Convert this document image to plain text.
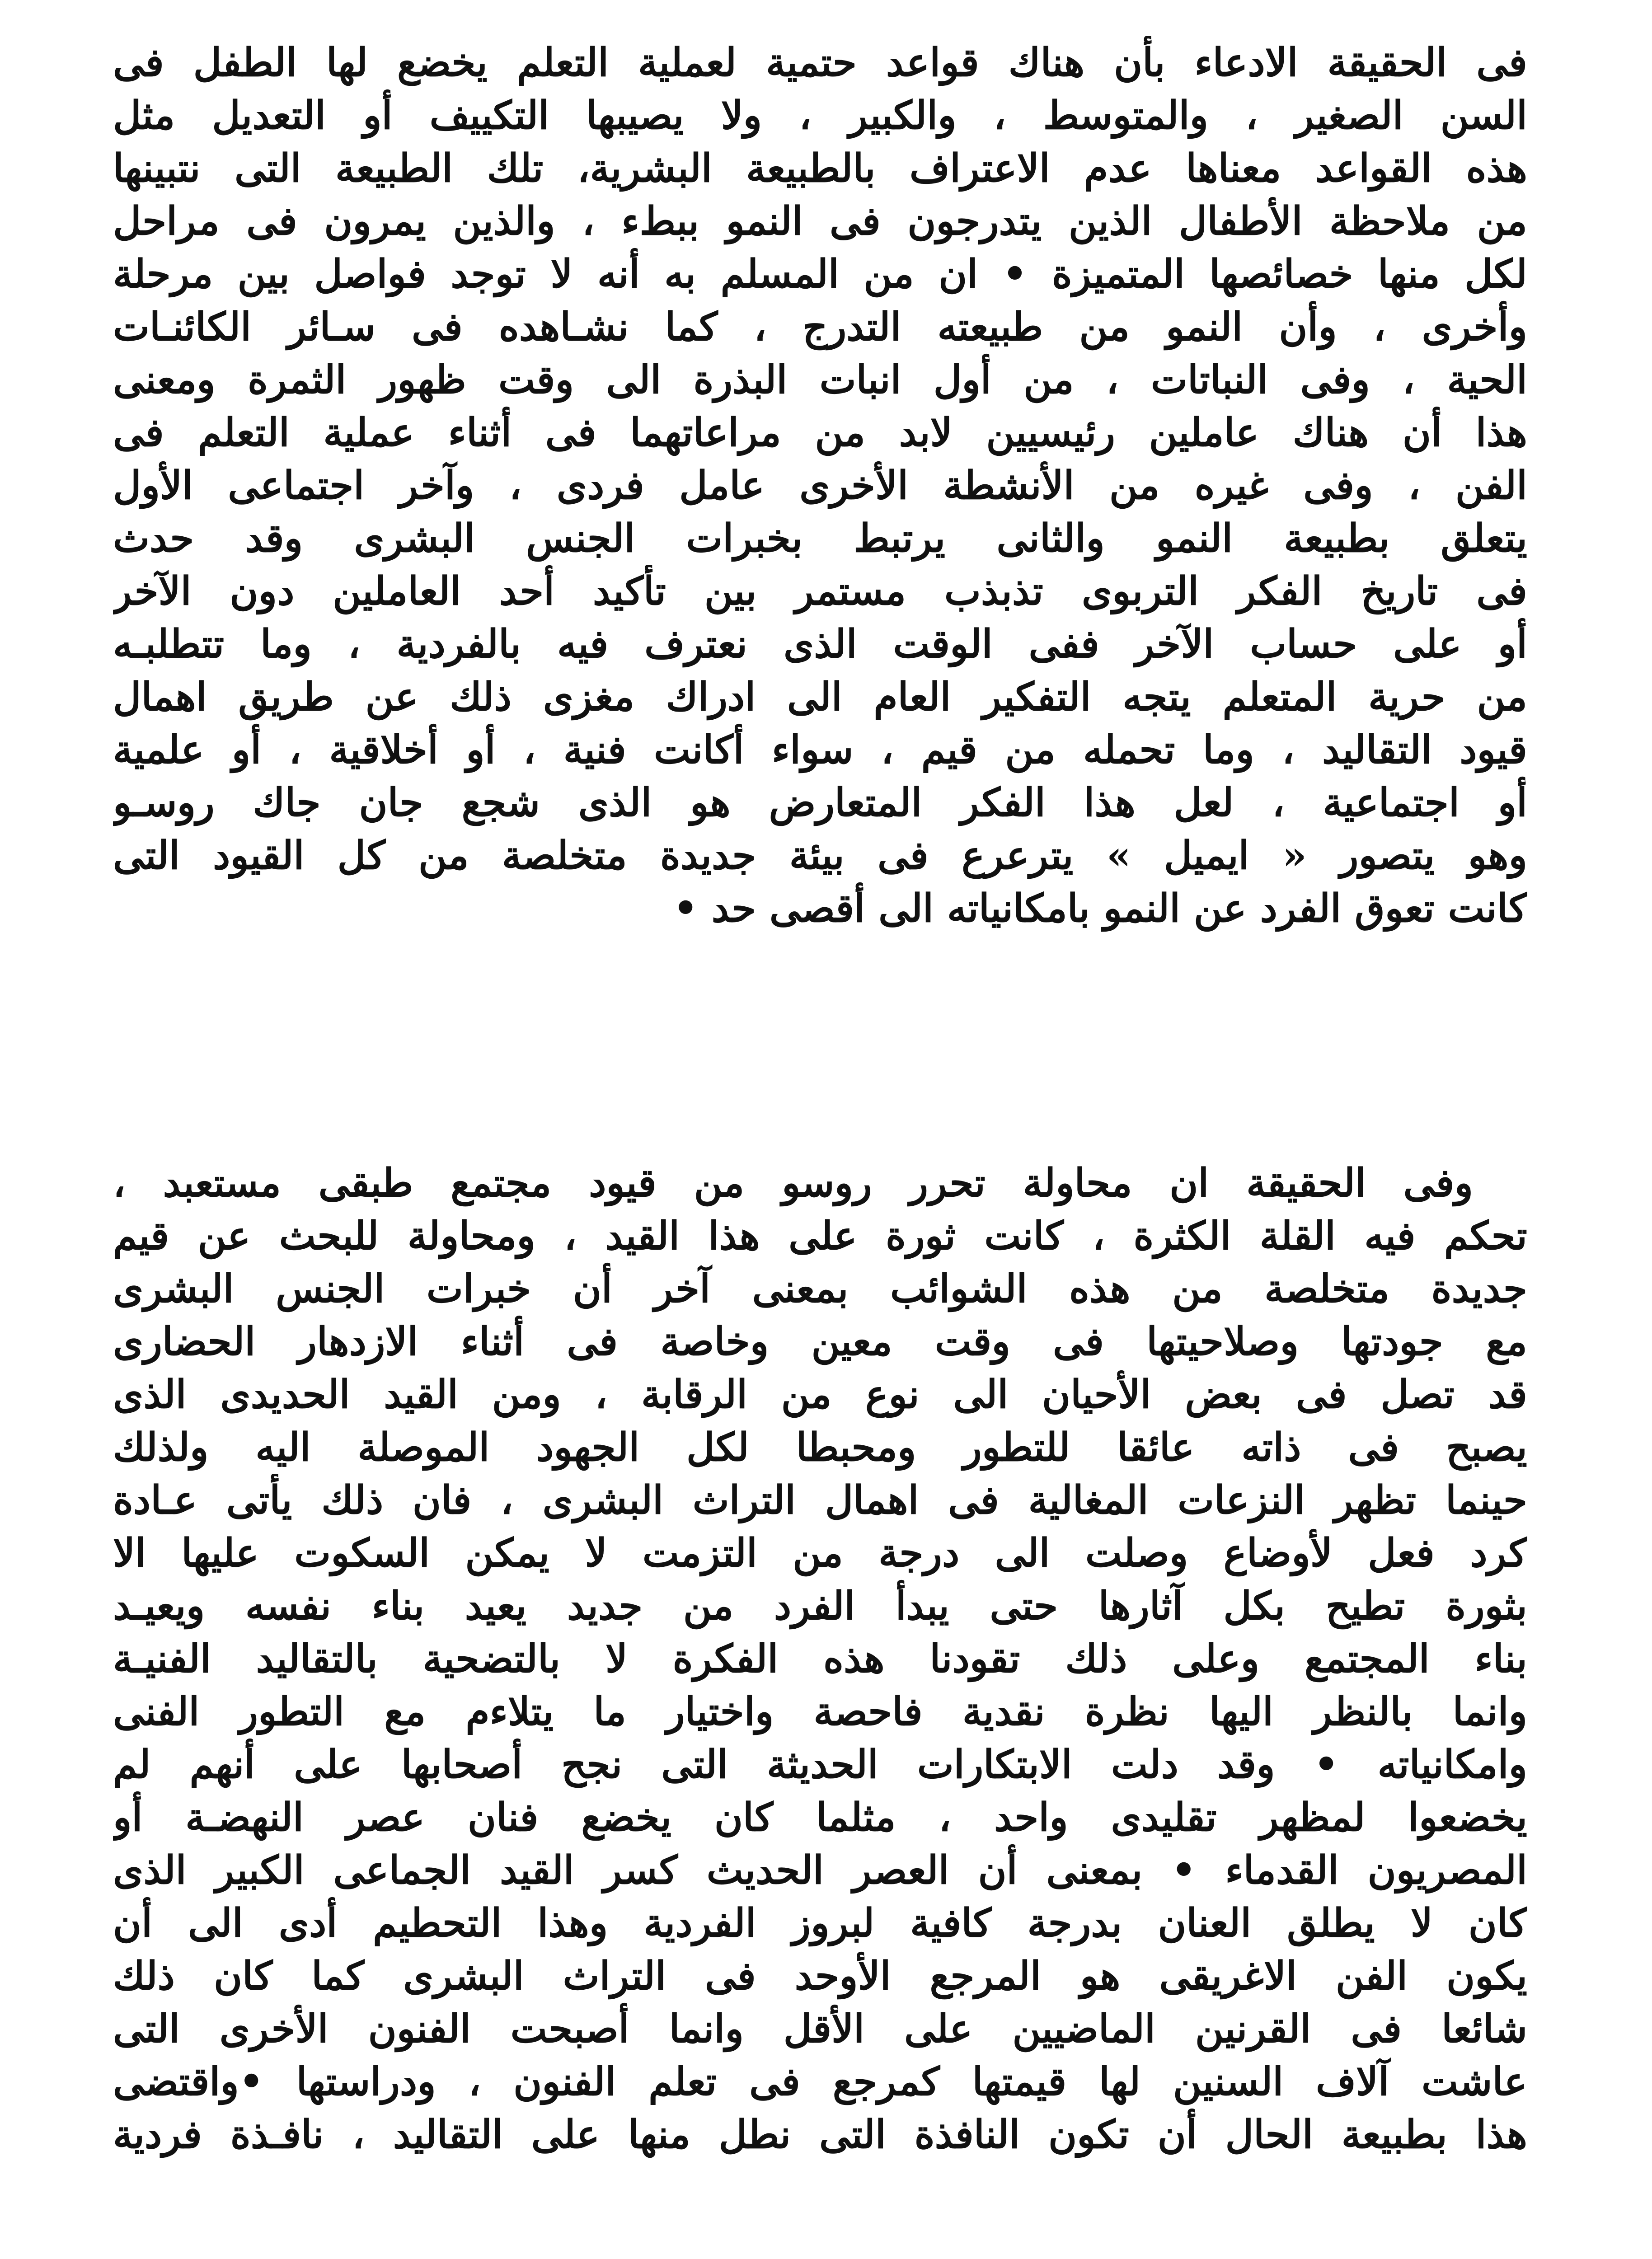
فى الحقيقة الادعاء بأن هناك قواعد حتمية لعملية التعلم يخضع لها الطفل فى
السن الصغير ، والمتوسط ، والكبير ، ولا يصيبها التكييف أو التعديل مثل
هذه القواعد معناها عدم الاعتراف بالطبيعة البشرية، تلك الطبيعة التى نتبينها
من ملاحظة الأطفال الذين يتدرجون فى النمو ببطء ، والذين يمرون فى مراحل
لكل منها خصائصها المتميزة • ان من المسلم به أنه لا توجد فواصل بين مرحلة
وأخرى ، وأن النمو من طبيعته التدرج ، كما نشـاهده فى سـائر الكائنـات
الحية ، وفى النباتات ، من أول انبات البذرة الى وقت ظهور الثمرة ومعنى
هذا أن هناك عاملين رئيسيين لابد من مراعاتهما فى أثناء عملية التعلم فى
الفن ، وفى غيره من الأنشطة الأخرى عامل فردى ، وآخر اجتماعى الأول
يتعلق بطبيعة النمو والثانى يرتبط بخبرات الجنس البشرى وقد حدث
فى تاريخ الفكر التربوى تذبذب مستمر بين تأكيد أحد العاملين دون الآخر
أو على حساب الآخر ففى الوقت الذى نعترف فيه بالفردية ، وما تتطلبـه
من حرية المتعلم يتجه التفكير العام الى ادراك مغزى ذلك عن طريق اهمال
قيود التقاليد ، وما تحمله من قيم ، سواء أكانت فنية ، أو أخلاقية ، أو علمية
أو اجتماعية ، لعل هذا الفكر المتعارض هو الذى شجع جان جاك روسـو
وهو يتصور « ايميل » يترعرع فى بيئة جديدة متخلصة من كل القيود التى
كانت تعوق الفرد عن النمو بامكانياته الى أقصى حد •
وفى الحقيقة ان محاولة تحرر روسو من قيود مجتمع طبقى مستعبد ،
تحكم فيه القلة الكثرة ، كانت ثورة على هذا القيد ، ومحاولة للبحث عن قيم
جديدة متخلصة من هذه الشوائب بمعنى آخر أن خبرات الجنس البشرى
مع جودتها وصلاحيتها فى وقت معين وخاصة فى أثناء الازدهار الحضارى
قد تصل فى بعض الأحيان الى نوع من الرقابة ، ومن القيد الحديدى الذى
يصبح فى ذاته عائقا للتطور ومحبطا لكل الجهود الموصلة اليه ولذلك
حينما تظهر النزعات المغالية فى اهمال التراث البشرى ، فان ذلك يأتى عـادة
كرد فعل لأوضاع وصلت الى درجة من التزمت لا يمكن السكوت عليها الا
بثورة تطيح بكل آثارها حتى يبدأ الفرد من جديد يعيد بناء نفسه ويعيـد
بناء المجتمع وعلى ذلك تقودنا هذه الفكرة لا بالتضحية بالتقاليد الفنيـة
وانما بالنظر اليها نظرة نقدية فاحصة واختيار ما يتلاءم مع التطور الفنى
وامكانياته • وقد دلت الابتكارات الحديثة التى نجح أصحابها على أنهم لم
يخضعوا لمظهر تقليدى واحد ، مثلما كان يخضع فنان عصر النهضـة أو
المصريون القدماء • بمعنى أن العصر الحديث كسر القيد الجماعى الكبير الذى
كان لا يطلق العنان بدرجة كافية لبروز الفردية وهذا التحطيم أدى الى أن
يكون الفن الاغريقى هو المرجع الأوحد فى التراث البشرى كما كان ذلك
شائعا فى القرنين الماضيين على الأقل وانما أصبحت الفنون الأخرى التى
عاشت آلاف السنين لها قيمتها كمرجع فى تعلم الفنون ، ودراستها •واقتضى
هذا بطبيعة الحال أن تكون النافذة التى نطل منها على التقاليد ، نافـذة فردية
